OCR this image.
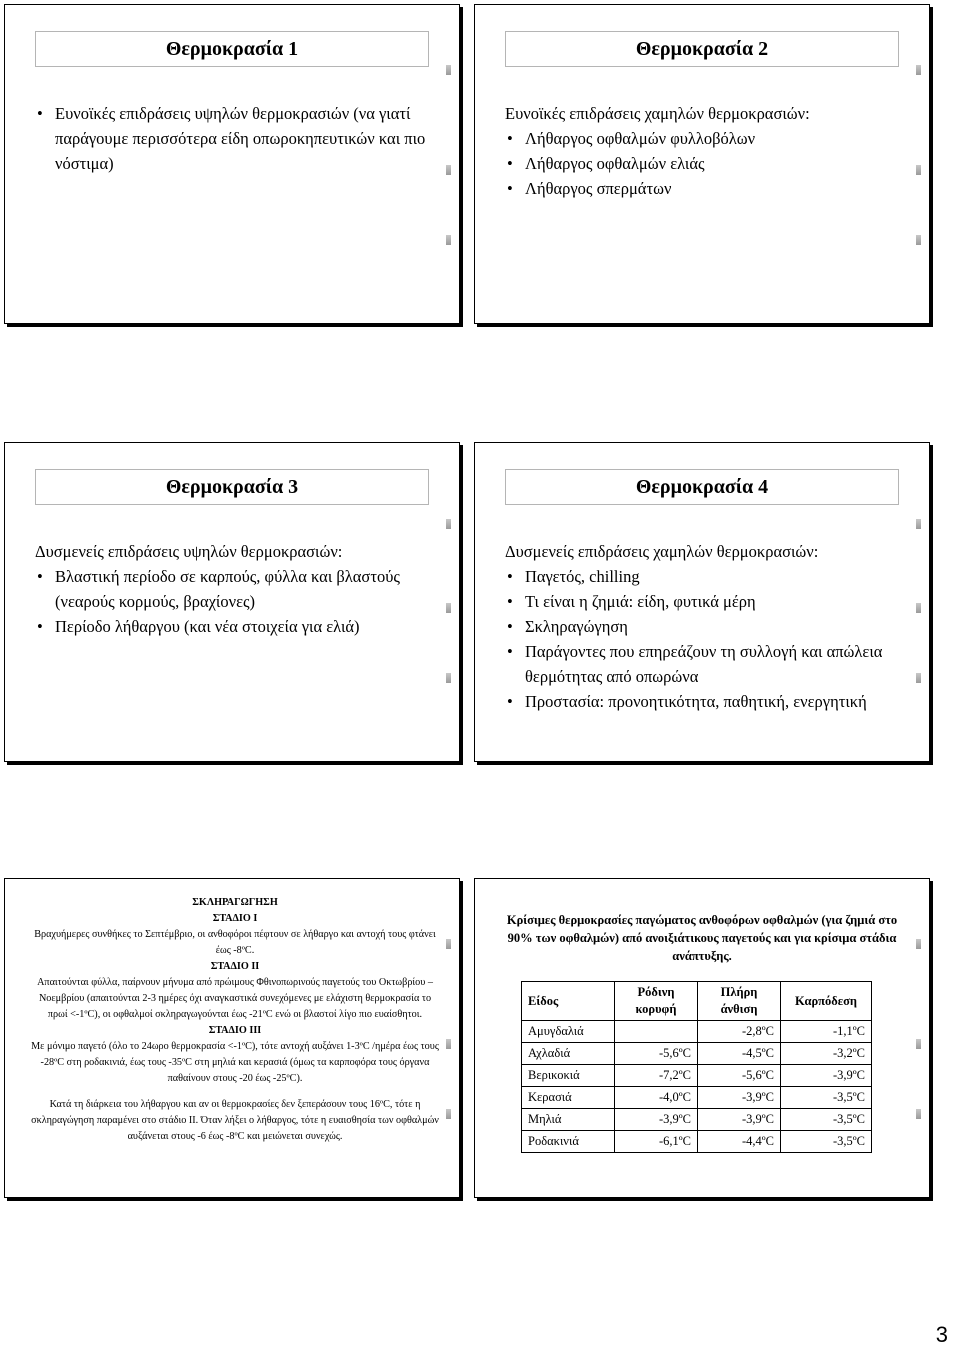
Θερμοκρασία 1
• Ευνοϊκές επιδράσεις υψηλών θερμοκρασιών (να γιατί παράγουμε περισσότερα είδη οπωροκηπευτικών και πιο νόστιμα)
Θερμοκρασία 2
Ευνοϊκές επιδράσεις χαμηλών θερμοκρασιών:
• Λήθαργος οφθαλμών φυλλοβόλων
• Λήθαργος οφθαλμών ελιάς
• Λήθαργος σπερμάτων
Θερμοκρασία 3
Δυσμενείς επιδράσεις υψηλών θερμοκρασιών:
• Βλαστική περίοδο σε καρπούς, φύλλα και βλαστούς (νεαρούς κορμούς, βραχίονες)
• Περίοδο λήθαργου (και νέα στοιχεία για ελιά)
Θερμοκρασία 4
Δυσμενείς επιδράσεις χαμηλών θερμοκρασιών:
• Παγετός, chilling
• Τι είναι η ζημιά: είδη, φυτικά μέρη
• Σκληραγώγηση
• Παράγοντες που επηρεάζουν τη συλλογή και απώλεια θερμότητας από οπωρώνα
• Προστασία: προνοητικότητα, παθητική, ενεργητική
ΣΚΛΗΡΑΓΩΓΗΣΗ
ΣΤΑΔΙΟ Ι
Βραχυήμερες συνθήκες το Σεπτέμβριο, οι ανθοφόροι πέφτουν σε λήθαργο και αντοχή τους φτάνει έως -8ºC.
ΣΤΑΔΙΟ ΙΙ
Απαιτούνται φύλλα, παίρνουν μήνυμα από πρώιμους Φθινοπωρινούς παγετούς του Οκτωβρίου – Νοεμβρίου (απαιτούνται 2-3 ημέρες όχι αναγκαστικά συνεχόμενες με ελάχιστη θερμοκρασία το πρωί <-1ºC), οι οφθαλμοί σκληραγωγούνται έως -21ºC ενώ οι βλαστοί λίγο πιο ευαίσθητοι.
ΣΤΑΔΙΟ ΙΙΙ
Με μόνιμο παγετό (όλο το 24ωρο θερμοκρασία <-1ºC), τότε αντοχή αυξάνει 1-3ºC /ημέρα έως τους -28ºC στη ροδακινιά, έως τους -35ºC στη μηλιά και κερασιά (όμως τα καρποφόρα τους όργανα παθαίνουν στους -20 έως -25ºC).
Κατά τη διάρκεια του λήθαργου και αν οι θερμοκρασίες δεν ξεπεράσουν τους 16ºC, τότε η σκληραγώγηση παραμένει στο στάδιο ΙΙ. Όταν λήξει ο λήθαργος, τότε η ευαισθησία των οφθαλμών αυξάνεται στους -6 έως -8ºC και μειώνεται συνεχώς.
Κρίσιμες θερμοκρασίες παγώματος ανθοφόρων οφθαλμών (για ζημιά στο 90% των οφθαλμών) από ανοιξιάτικους παγετούς και για κρίσιμα στάδια ανάπτυξης.
Είδος	Ρόδινη κορυφή	Πλήρη άνθιση	Καρπόδεση
Αμυγδαλιά		-2,8ºC	-1,1ºC
Αχλαδιά	-5,6ºC	-4,5ºC	-3,2ºC
Βερικοκιά	-7,2ºC	-5,6ºC	-3,9ºC
Κερασιά	-4,0ºC	-3,9ºC	-3,5ºC
Μηλιά	-3,9ºC	-3,9ºC	-3,5ºC
Ροδακινιά	-6,1ºC	-4,4ºC	-3,5ºC
3
